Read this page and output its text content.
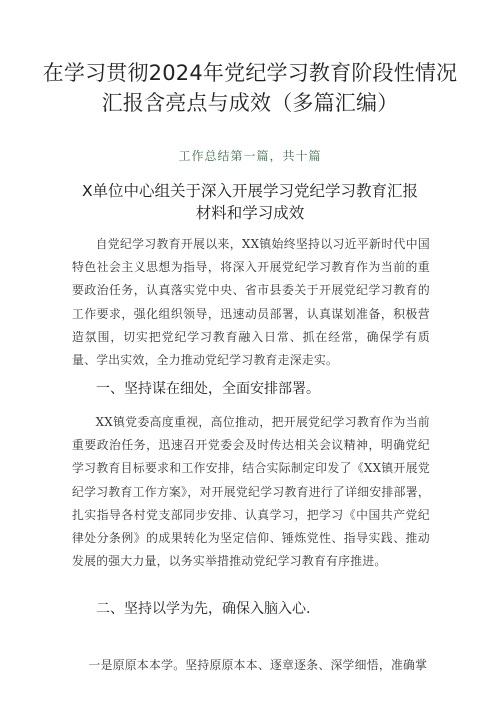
在学习贯彻2024年党纪学习教育阶段性情况汇报含亮点与成效（多篇汇编）
工作总结第一篇，共十篇
X单位中心组关于深入开展学习党纪学习教育汇报材料和学习成效
自党纪学习教育开展以来，XX镇始终坚持以习近平新时代中国特色社会主义思想为指导，将深入开展党纪学习教育作为当前的重要政治任务，认真落实党中央、省市县委关于开展党纪学习教育的工作要求，强化组织领导，迅速动员部署，认真谋划准备，积极营造氛围，切实把党纪学习教育融入日常、抓在经常，确保学有质量、学出实效，全力推动党纪学习教育走深走实。
一、坚持谋在细处，全面安排部署。
XX镇党委高度重视，高位推动，把开展党纪学习教育作为当前重要政治任务，迅速召开党委会及时传达相关会议精神，明确党纪学习教育目标要求和工作安排，结合实际制定印发了《XX镇开展党纪学习教育工作方案》，对开展党纪学习教育进行了详细安排部署，扎实指导各村党支部同步安排、认真学习，把学习《中国共产党纪律处分条例》的成果转化为坚定信仰、锤炼党性、指导实践、推动发展的强大力量，以务实举措推动党纪学习教育有序推进。
二、坚持以学为先，确保入脑入心.
一是原原本本学。坚持原原本本、逐章逐条、深学细悟，准确掌
